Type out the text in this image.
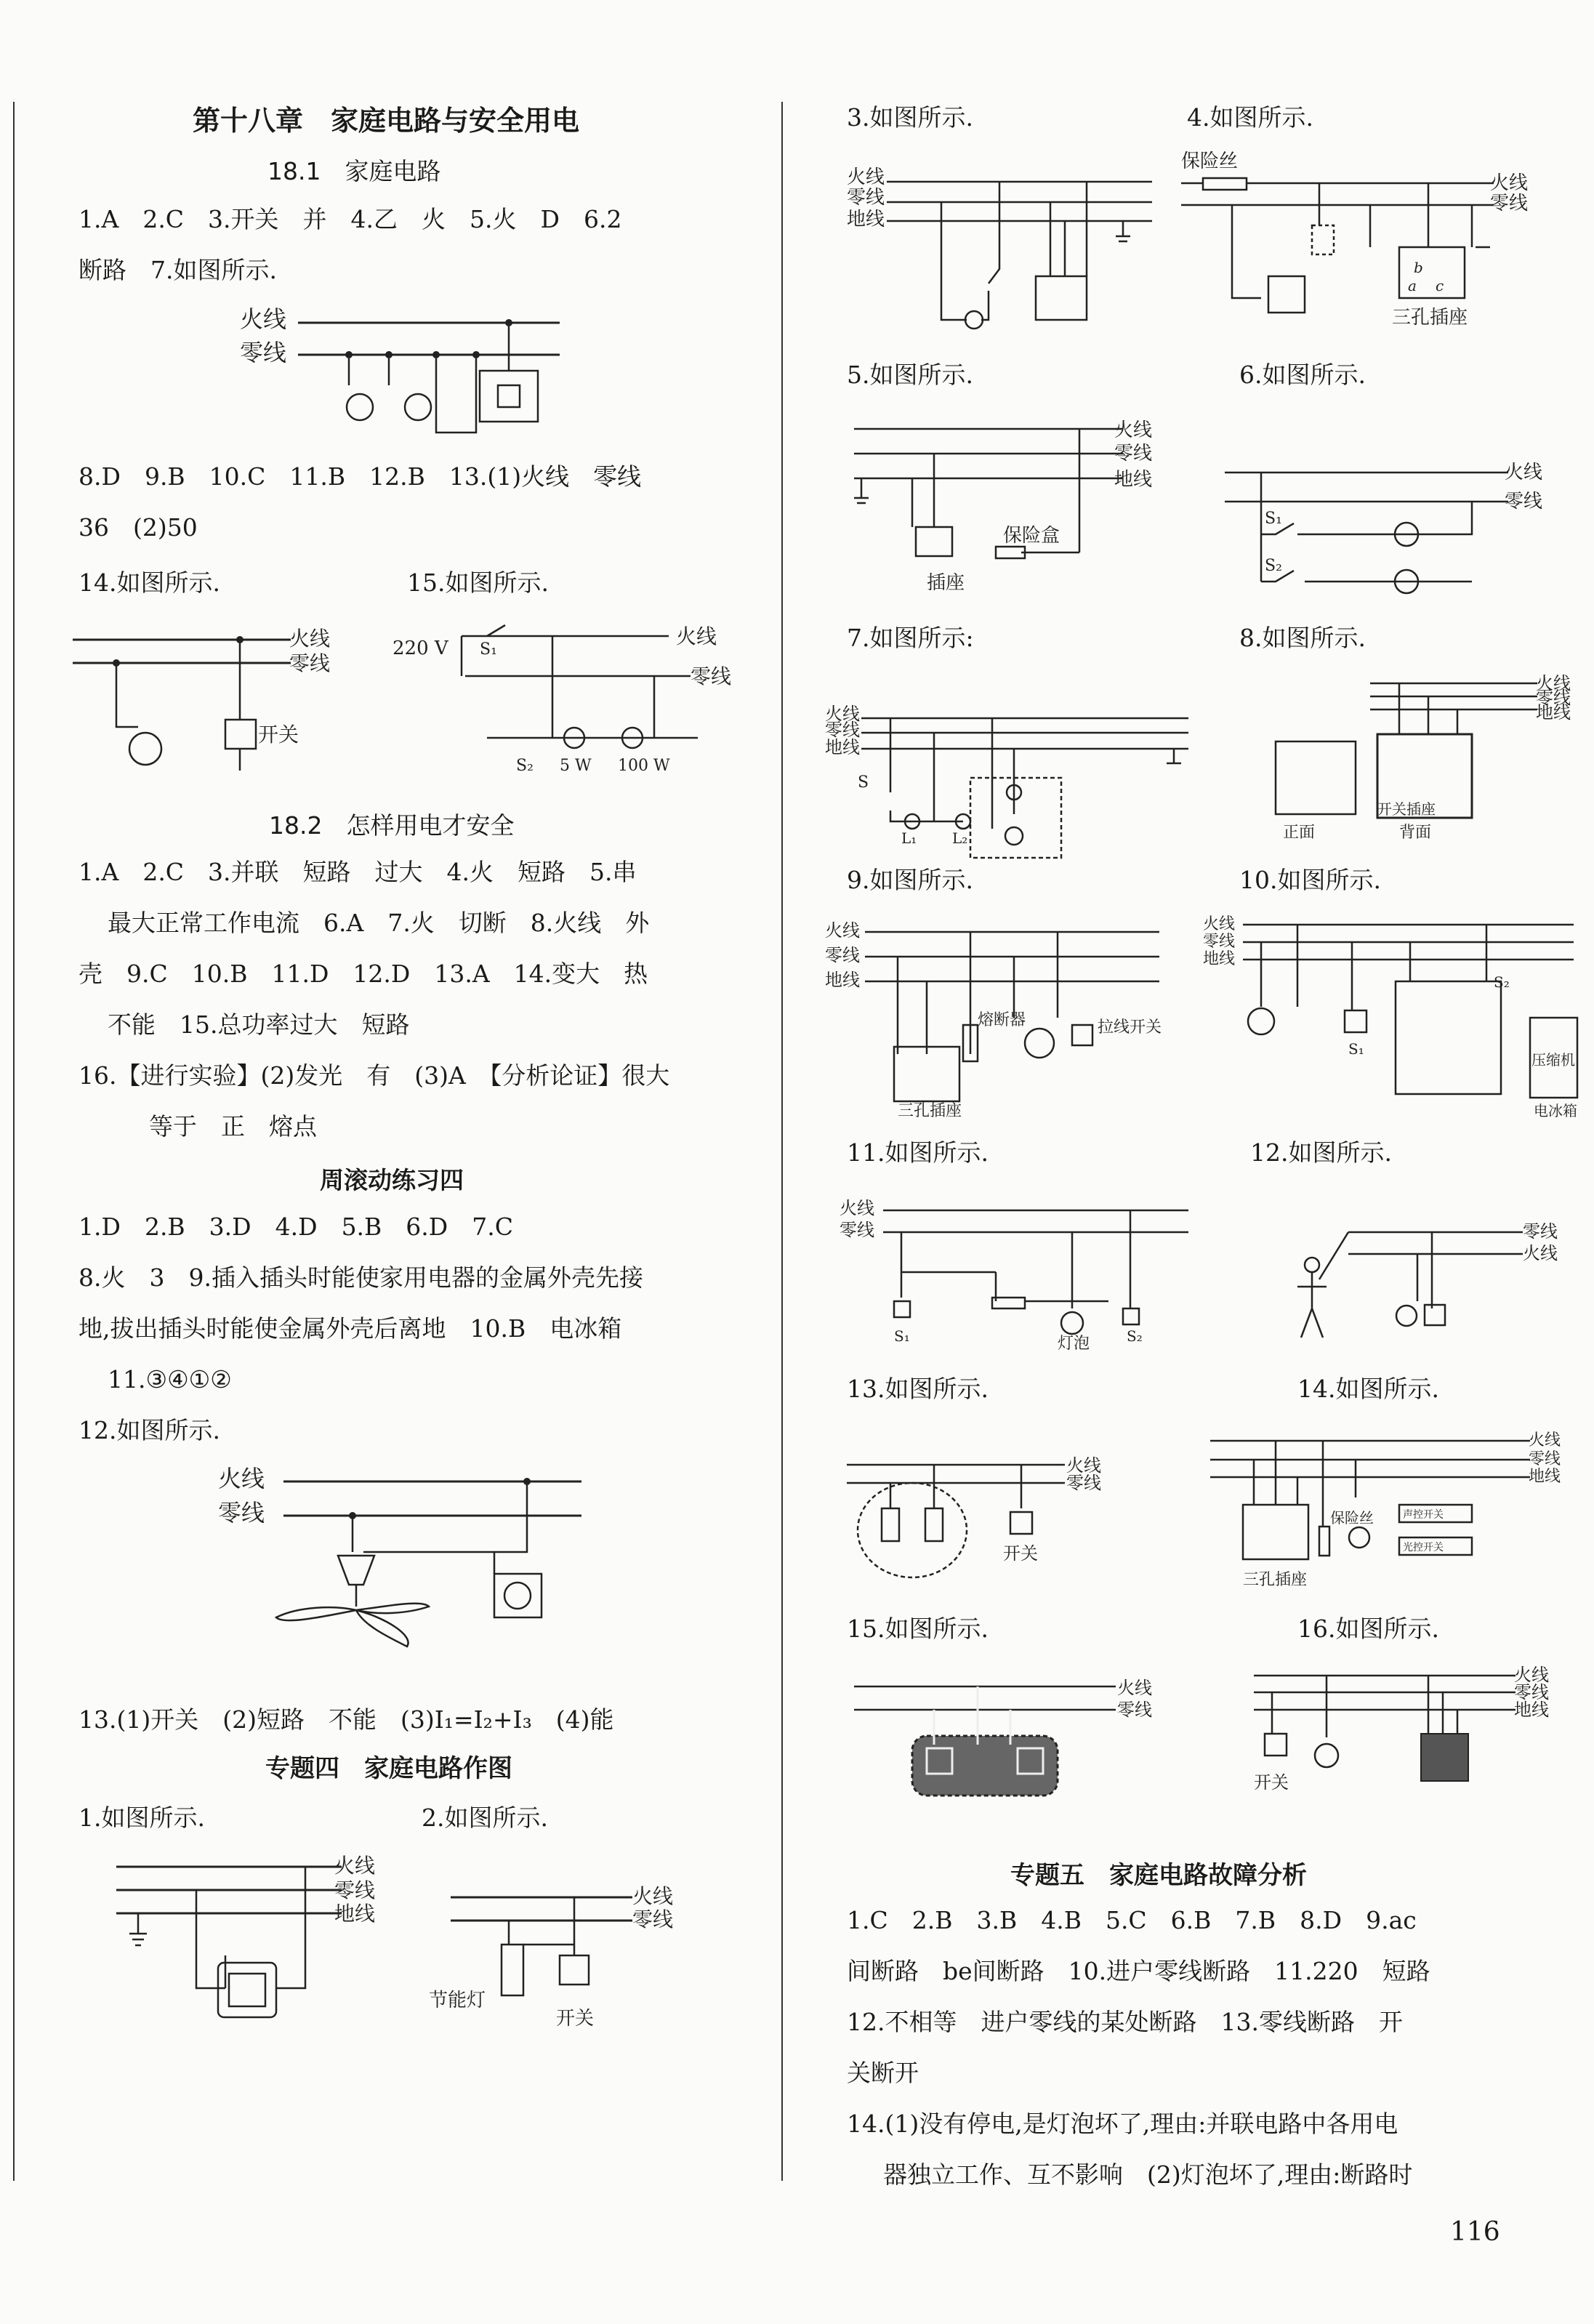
第十八章　家庭电路与安全用电
18.1　家庭电路
1.A　2.C　3.开关　并　4.乙　火　5.火　D　6.2
断路　7.如图所示.
火线
零线
8.D　9.B　10.C　11.B　12.B　13.(1)火线　零线
36　(2)50
14.如图所示.	15.如图所示.
火线
零线
开关
220 V S₁
火线
零线
S₂ 5 W 100 W
18.2　怎样用电才安全
1.A　2.C　3.并联　短路　过大　4.火　短路　5.串
最大正常工作电流　6.A　7.火　切断　8.火线　外
壳　9.C　10.B　11.D　12.D　13.A　14.变大　热
不能　15.总功率过大　短路
16.【进行实验】(2)发光　有　(3)A　【分析论证】很大
等于　正　熔点
周滚动练习四
1.D　2.B　3.D　4.D　5.B　6.D　7.C
8.火　3　9.插入插头时能使家用电器的金属外壳先接
地,拔出插头时能使金属外壳后离地　10.B　电冰箱
11.③④①②
12.如图所示.
火线
零线
13.(1)开关　(2)短路　不能　(3)I₁=I₂+I₃　(4)能
专题四　家庭电路作图
1.如图所示.	2.如图所示.
火线
零线
地线
火线
零线
节能灯
开关
3.如图所示.	4.如图所示.
火线
零线
地线
保险丝
火线
零线
b
a c
三孔插座
5.如图所示.	6.如图所示.
火线
零线
地线
保险盒
插座
火线
零线
S₁
S₂
7.如图所示:	8.如图所示.
火线
零线
地线
S
L₁ L₂
火线
零线
地线
正面	背面
开关插座
9.如图所示.	10.如图所示.
火线
零线
地线
熔断器	拉线开关
三孔插座
火线
零线
地线
S₁
S₂
压缩机
电冰箱
11.如图所示.	12.如图所示.
火线
零线
S₁	灯泡	S₂
零线
火线
13.如图所示.	14.如图所示.
火线
零线
开关
火线
零线
地线
保险丝	声控开关
光控开关
三孔插座
15.如图所示.	16.如图所示.
火线
零线
火线
零线
地线
开关
专题五　家庭电路故障分析
1.C　2.B　3.B　4.B　5.C　6.B　7.B　8.D　9.ac
间断路　be间断路　10.进户零线断路　11.220　短路
12.不相等　进户零线的某处断路　13.零线断路　开
关断开
14.(1)没有停电,是灯泡坏了,理由:并联电路中各用电
器独立工作、互不影响　(2)灯泡坏了,理由:断路时
116
